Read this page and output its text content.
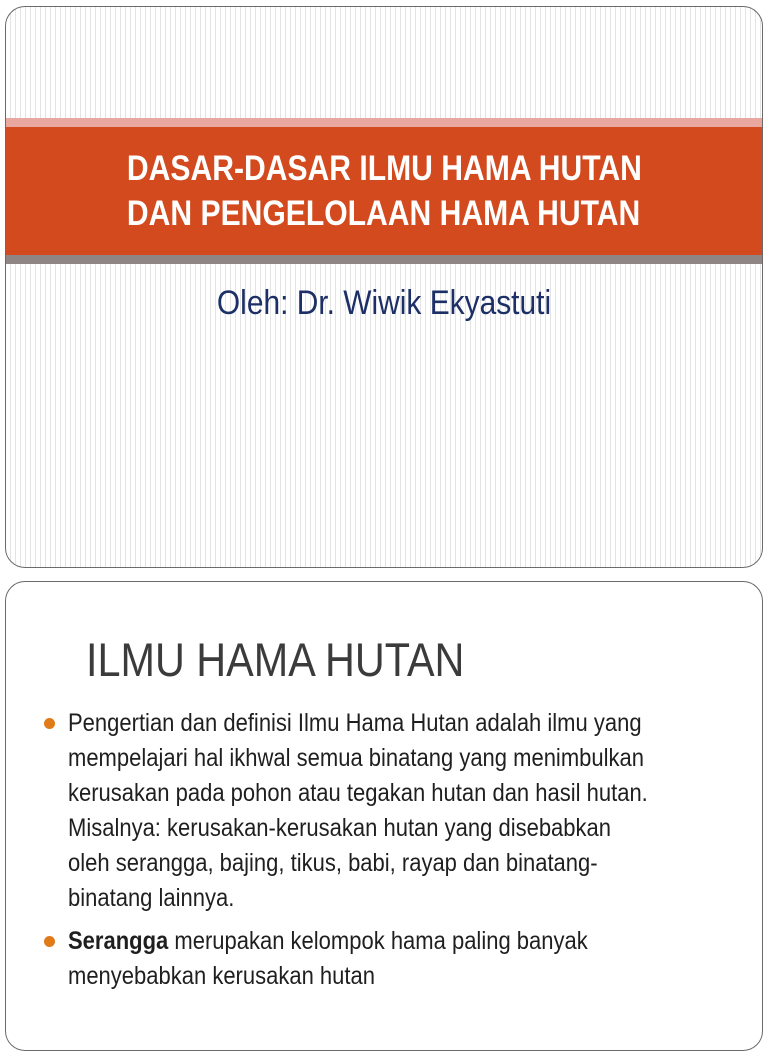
DASAR-DASAR ILMU HAMA HUTAN
DAN PENGELOLAAN HAMA HUTAN
Oleh: Dr. Wiwik Ekyastuti
ILMU HAMA HUTAN
Pengertian dan definisi Ilmu Hama Hutan adalah ilmu yang
mempelajari hal ikhwal semua binatang yang menimbulkan
kerusakan pada pohon atau tegakan hutan dan hasil hutan.
Misalnya: kerusakan-kerusakan hutan yang disebabkan
oleh serangga, bajing, tikus, babi, rayap dan binatang-
binatang lainnya.
Serangga merupakan kelompok hama paling banyak
menyebabkan kerusakan hutan
